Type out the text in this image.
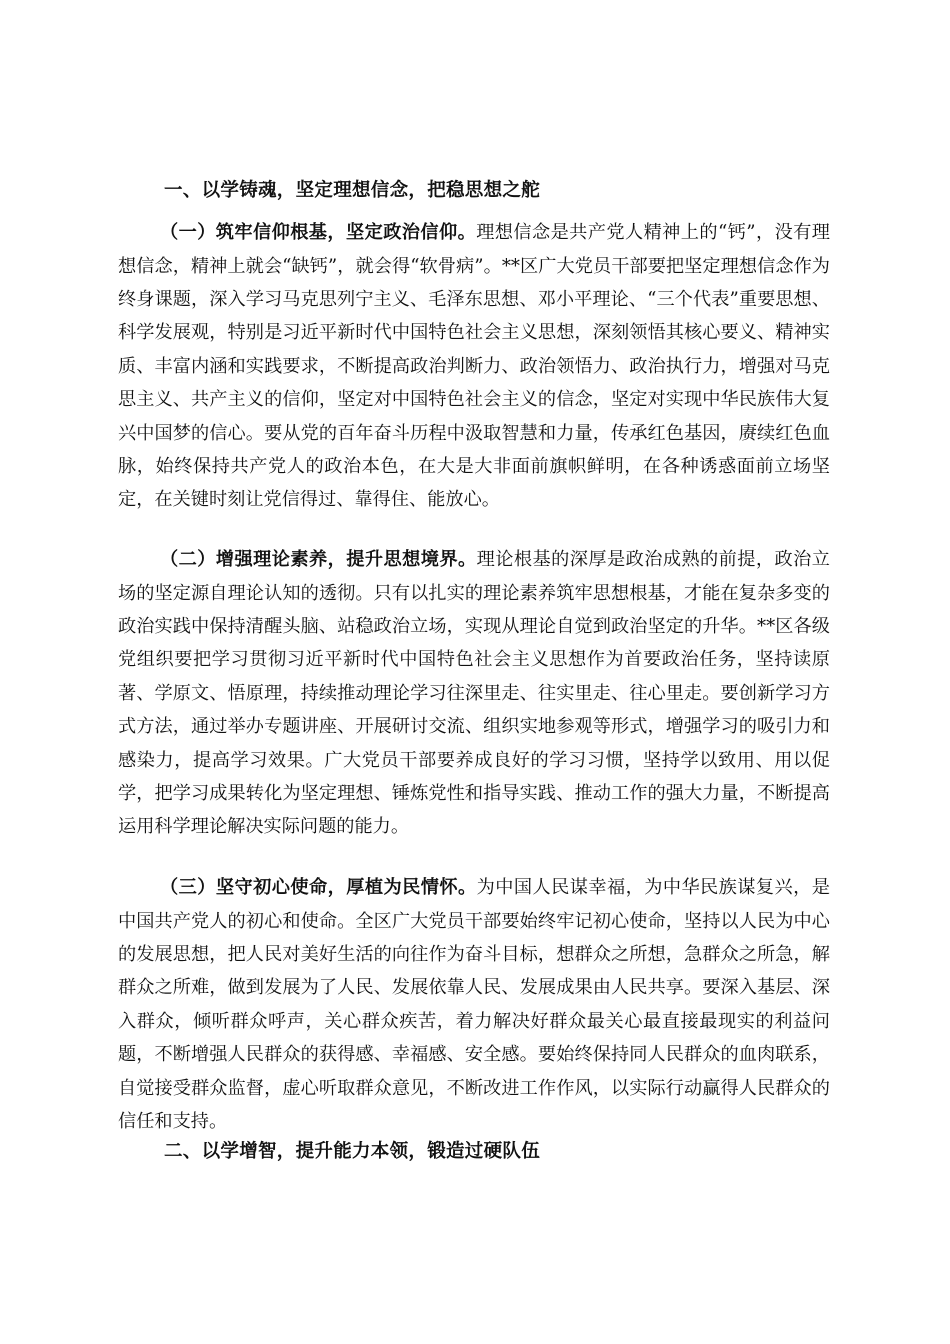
一、以学铸魂，坚定理想信念，把稳思想之舵

（一）筑牢信仰根基，坚定政治信仰。理想信念是共产党人精神上的“钙”，没有理想信念，精神上就会“缺钙”，就会得“软骨病”。**区广大党员干部要把坚定理想信念作为终身课题，深入学习马克思列宁主义、毛泽东思想、邓小平理论、“三个代表”重要思想、科学发展观，特别是习近平新时代中国特色社会主义思想，深刻领悟其核心要义、精神实质、丰富内涵和实践要求，不断提高政治判断力、政治领悟力、政治执行力，增强对马克思主义、共产主义的信仰，坚定对中国特色社会主义的信念，坚定对实现中华民族伟大复兴中国梦的信心。要从党的百年奋斗历程中汲取智慧和力量，传承红色基因，赓续红色血脉，始终保持共产党人的政治本色，在大是大非面前旗帜鲜明，在各种诱惑面前立场坚定，在关键时刻让党信得过、靠得住、能放心。

（二）增强理论素养，提升思想境界。理论根基的深厚是政治成熟的前提，政治立场的坚定源自理论认知的透彻。只有以扎实的理论素养筑牢思想根基，才能在复杂多变的政治实践中保持清醒头脑、站稳政治立场，实现从理论自觉到政治坚定的升华。**区各级党组织要把学习贯彻习近平新时代中国特色社会主义思想作为首要政治任务，坚持读原著、学原文、悟原理，持续推动理论学习往深里走、往实里走、往心里走。要创新学习方式方法，通过举办专题讲座、开展研讨交流、组织实地参观等形式，增强学习的吸引力和感染力，提高学习效果。广大党员干部要养成良好的学习习惯，坚持学以致用、用以促学，把学习成果转化为坚定理想、锤炼党性和指导实践、推动工作的强大力量，不断提高运用科学理论解决实际问题的能力。

（三）坚守初心使命，厚植为民情怀。为中国人民谋幸福，为中华民族谋复兴，是中国共产党人的初心和使命。全区广大党员干部要始终牢记初心使命，坚持以人民为中心的发展思想，把人民对美好生活的向往作为奋斗目标，想群众之所想，急群众之所急，解群众之所难，做到发展为了人民、发展依靠人民、发展成果由人民共享。要深入基层、深入群众，倾听群众呼声，关心群众疾苦，着力解决好群众最关心最直接最现实的利益问题，不断增强人民群众的获得感、幸福感、安全感。要始终保持同人民群众的血肉联系，自觉接受群众监督，虚心听取群众意见，不断改进工作作风，以实际行动赢得人民群众的信任和支持。

二、以学增智，提升能力本领，锻造过硬队伍
